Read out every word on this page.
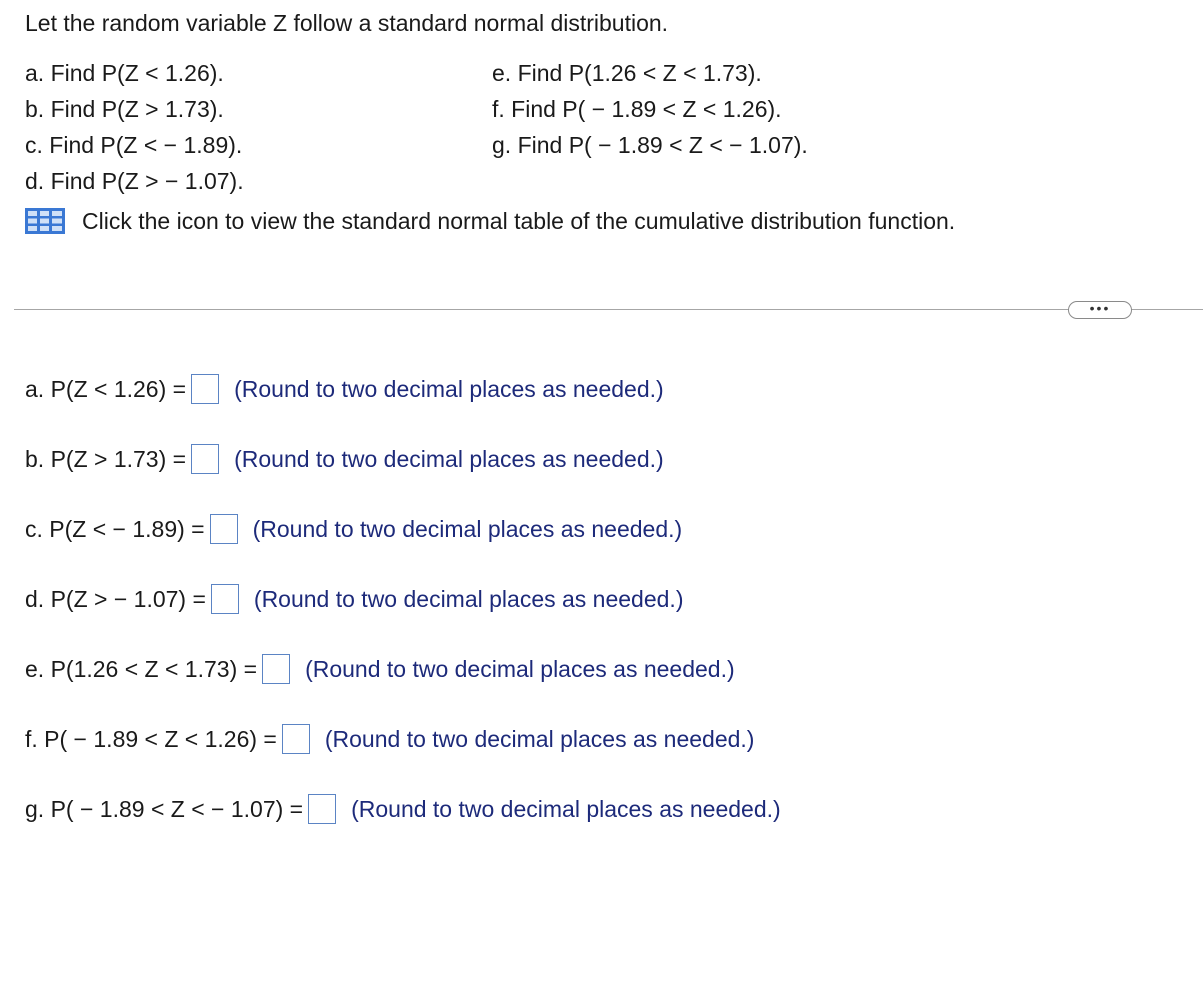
Let the random variable Z follow a standard normal distribution.

a. Find P(Z < 1.26).
b. Find P(Z > 1.73).
c. Find P(Z < − 1.89).
d. Find P(Z > − 1.07).
e. Find P(1.26 < Z < 1.73).
f. Find P( − 1.89 < Z < 1.26).
g. Find P( − 1.89 < Z < − 1.07).
Click the icon to view the standard normal table of the cumulative distribution function.
•••
a. P(Z < 1.26) = (Round to two decimal places as needed.)
b. P(Z > 1.73) = (Round to two decimal places as needed.)
c. P(Z < − 1.89) = (Round to two decimal places as needed.)
d. P(Z > − 1.07) = (Round to two decimal places as needed.)
e. P(1.26 < Z < 1.73) = (Round to two decimal places as needed.)
f. P( − 1.89 < Z < 1.26) = (Round to two decimal places as needed.)
g. P( − 1.89 < Z < − 1.07) = (Round to two decimal places as needed.)
